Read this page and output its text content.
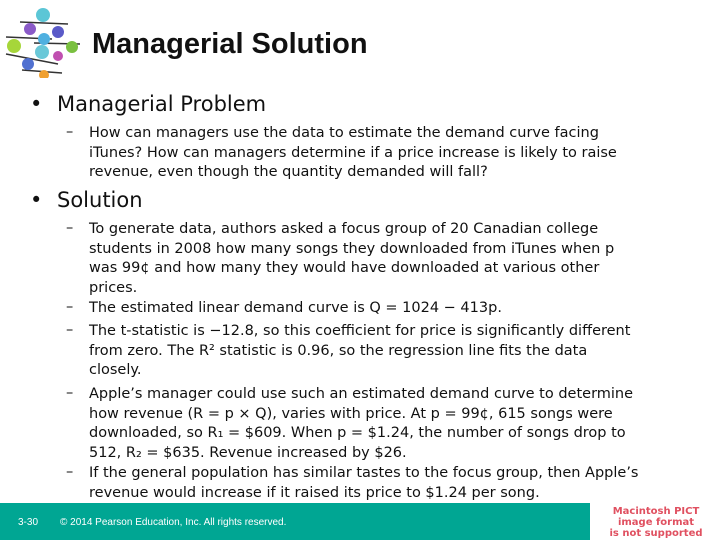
Managerial Solution
• Managerial Problem
– How can managers use the data to estimate the demand curve facing
iTunes? How can managers determine if a price increase is likely to raise
revenue, even though the quantity demanded will fall?
• Solution
– To generate data, authors asked a focus group of 20 Canadian college
students in 2008 how many songs they downloaded from iTunes when p
was 99¢ and how many they would have downloaded at various other
prices.
– The estimated linear demand curve is Q = 1024 − 413p.
– The t-statistic is −12.8, so this coefficient for price is significantly different
from zero. The R² statistic is 0.96, so the regression line fits the data
closely.
– Apple’s manager could use such an estimated demand curve to determine
how revenue (R = p × Q), varies with price. At p = 99¢, 615 songs were
downloaded, so R₁ = $609. When p = $1.24, the number of songs drop to
512, R₂ = $635. Revenue increased by $26.
– If the general population has similar tastes to the focus group, then Apple’s
revenue would increase if it raised its price to $1.24 per song.
3-30 © 2014 Pearson Education, Inc. All rights reserved.
Macintosh PICT
image format
is not supported
